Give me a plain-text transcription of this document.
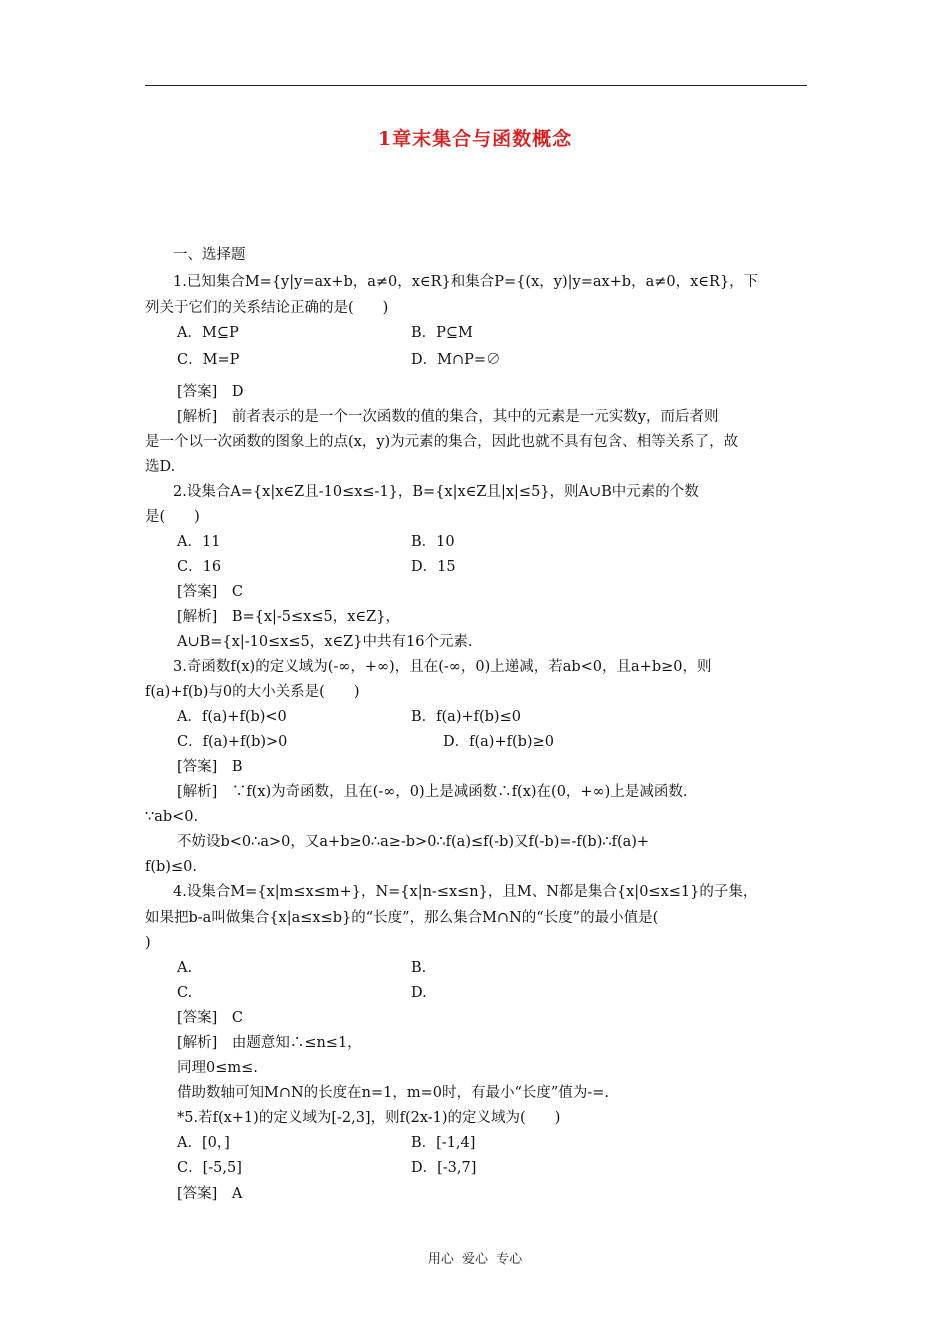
1章末集合与函数概念
一、选择题
1.已知集合M={y|y=ax+b，a≠0，x∈R}和集合P={(x，y)|y=ax+b，a≠0，x∈R}，下
列关于它们的关系结论正确的是(　　)
A．M⊆P	B．P⊆M
C．M=P	D．M∩P=∅
[答案]　D
[解析]　前者表示的是一个一次函数的值的集合，其中的元素是一元实数y，而后者则
是一个以一次函数的图象上的点(x，y)为元素的集合，因此也就不具有包含、相等关系了，故
选D.
2.设集合A={x|x∈Z且-10≤x≤-1}，B={x|x∈Z且|x|≤5}，则A∪B中元素的个数
是(　　)
A．11	B．10
C．16	D．15
[答案]　C
[解析]　B={x|-5≤x≤5，x∈Z}，
A∪B={x|-10≤x≤5，x∈Z}中共有16个元素.
3.奇函数f(x)的定义域为(-∞，+∞)，且在(-∞，0)上递减，若ab<0，且a+b≥0，则
f(a)+f(b)与0的大小关系是(　　)
A．f(a)+f(b)<0	B．f(a)+f(b)≤0
C．f(a)+f(b)>0	D．f(a)+f(b)≥0
[答案]　B
[解析]　∵f(x)为奇函数，且在(-∞，0)上是减函数∴f(x)在(0，+∞)上是减函数.
∵ab<0.
不妨设b<0∴a>0，又a+b≥0∴a≥-b>0∴f(a)≤f(-b)又f(-b)=-f(b)∴f(a)+
f(b)≤0.
4.设集合M={x|m≤x≤m+}，N={x|n-≤x≤n}，且M、N都是集合{x|0≤x≤1}的子集，
如果把b-a叫做集合{x|a≤x≤b}的“长度”，那么集合M∩N的“长度”的最小值是(
)
A.	B.
C.	D.
[答案]　C
[解析]　由题意知∴≤n≤1，
同理0≤m≤.
借助数轴可知M∩N的长度在n=1，m=0时，有最小“长度”值为-=.
*5.若f(x+1)的定义域为[-2,3]，则f(2x-1)的定义域为(　　)
A．[0，]	B．[-1,4]
C．[-5,5]	D．[-3,7]
[答案]　A
用心 爱心 专心
